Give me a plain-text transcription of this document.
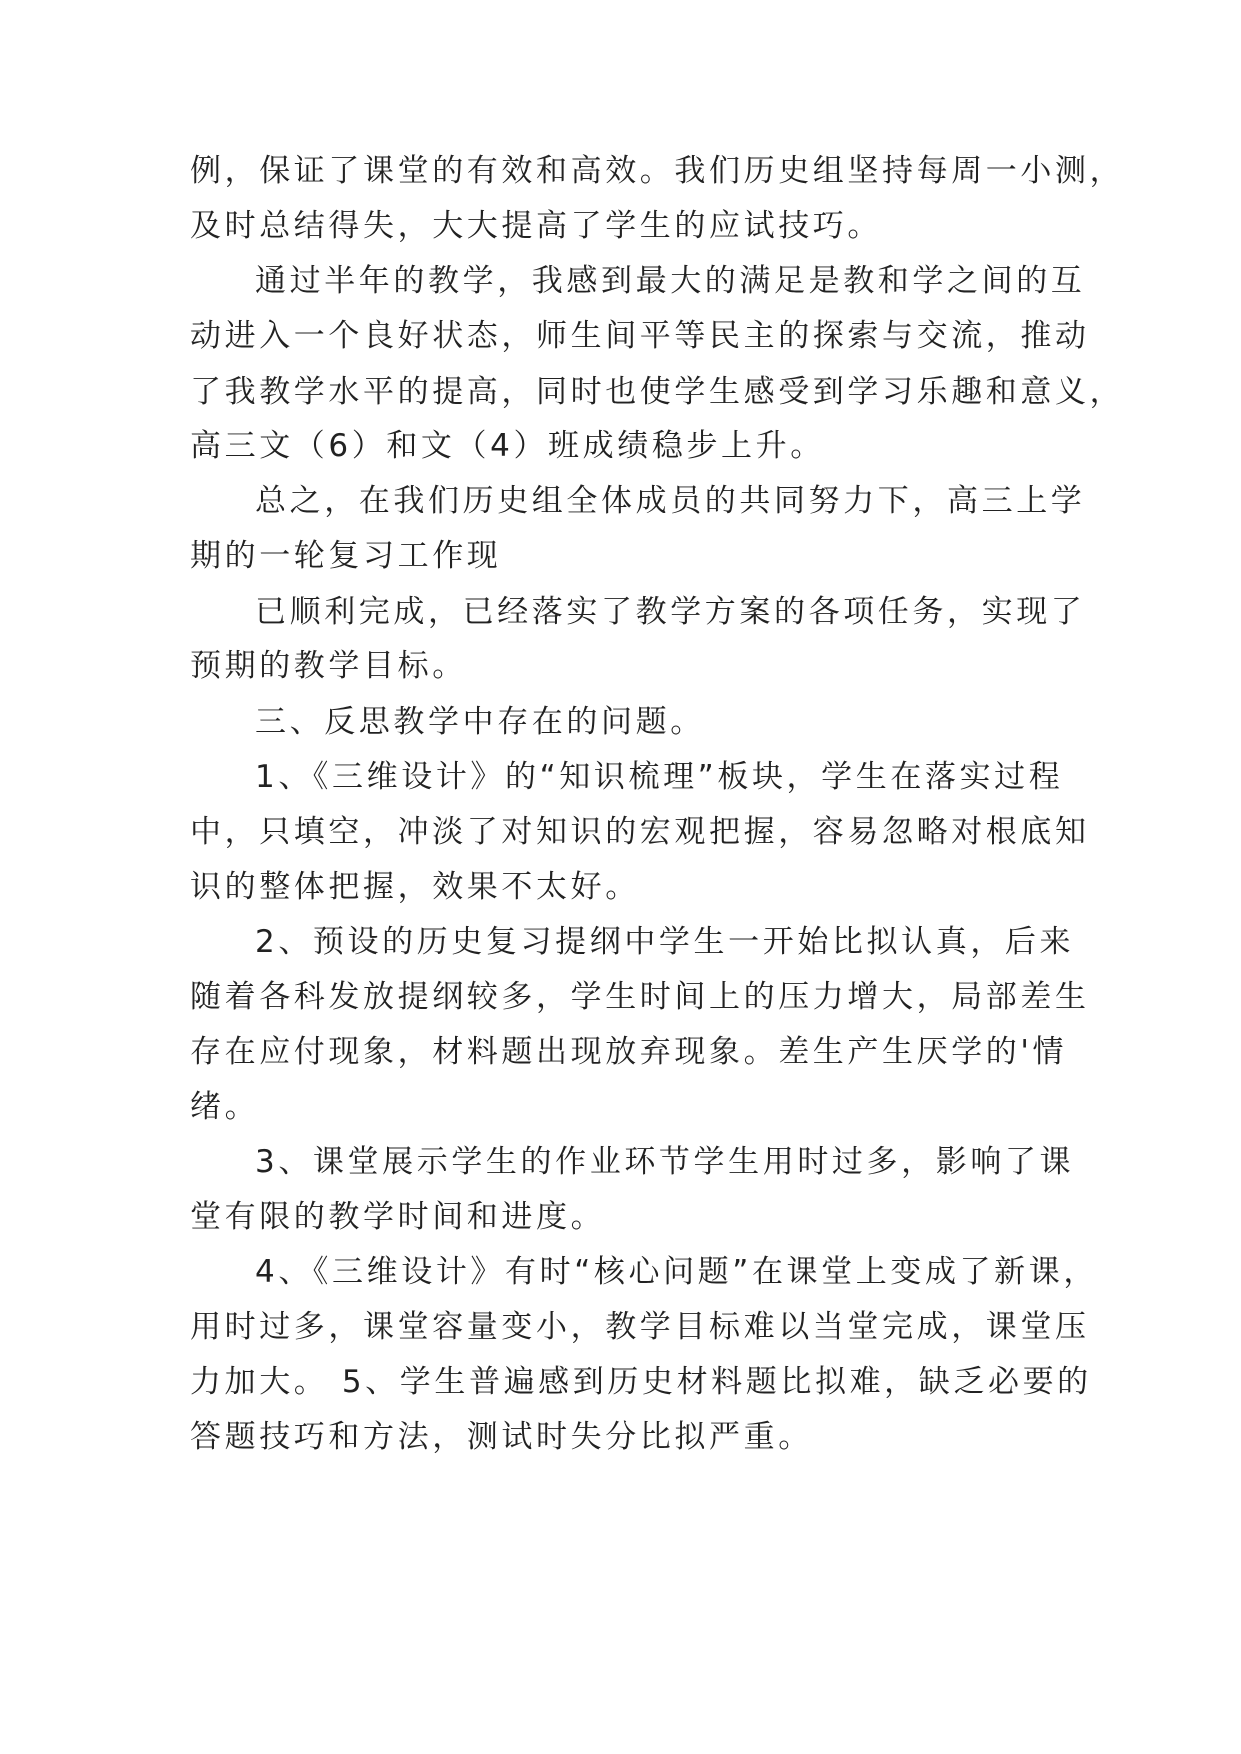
例，保证了课堂的有效和高效。我们历史组坚持每周一小测，

及时总结得失，大大提高了学生的应试技巧。

通过半年的教学，我感到最大的满足是教和学之间的互

动进入一个良好状态，师生间平等民主的探索与交流，推动

了我教学水平的提高，同时也使学生感受到学习乐趣和意义，

高三文（6）和文（4）班成绩稳步上升。

总之，在我们历史组全体成员的共同努力下，高三上学

期的一轮复习工作现

已顺利完成，已经落实了教学方案的各项任务，实现了

预期的教学目标。

三、反思教学中存在的问题。

1、《三维设计》的“知识梳理”板块，学生在落实过程

中，只填空，冲淡了对知识的宏观把握，容易忽略对根底知

识的整体把握，效果不太好。

2、预设的历史复习提纲中学生一开始比拟认真，后来

随着各科发放提纲较多，学生时间上的压力增大，局部差生

存在应付现象，材料题出现放弃现象。差生产生厌学的'情

绪。

3、课堂展示学生的作业环节学生用时过多，影响了课

堂有限的教学时间和进度。

4、《三维设计》有时“核心问题”在课堂上变成了新课，

用时过多，课堂容量变小，教学目标难以当堂完成，课堂压

力加大。 5、学生普遍感到历史材料题比拟难，缺乏必要的

答题技巧和方法，测试时失分比拟严重。
